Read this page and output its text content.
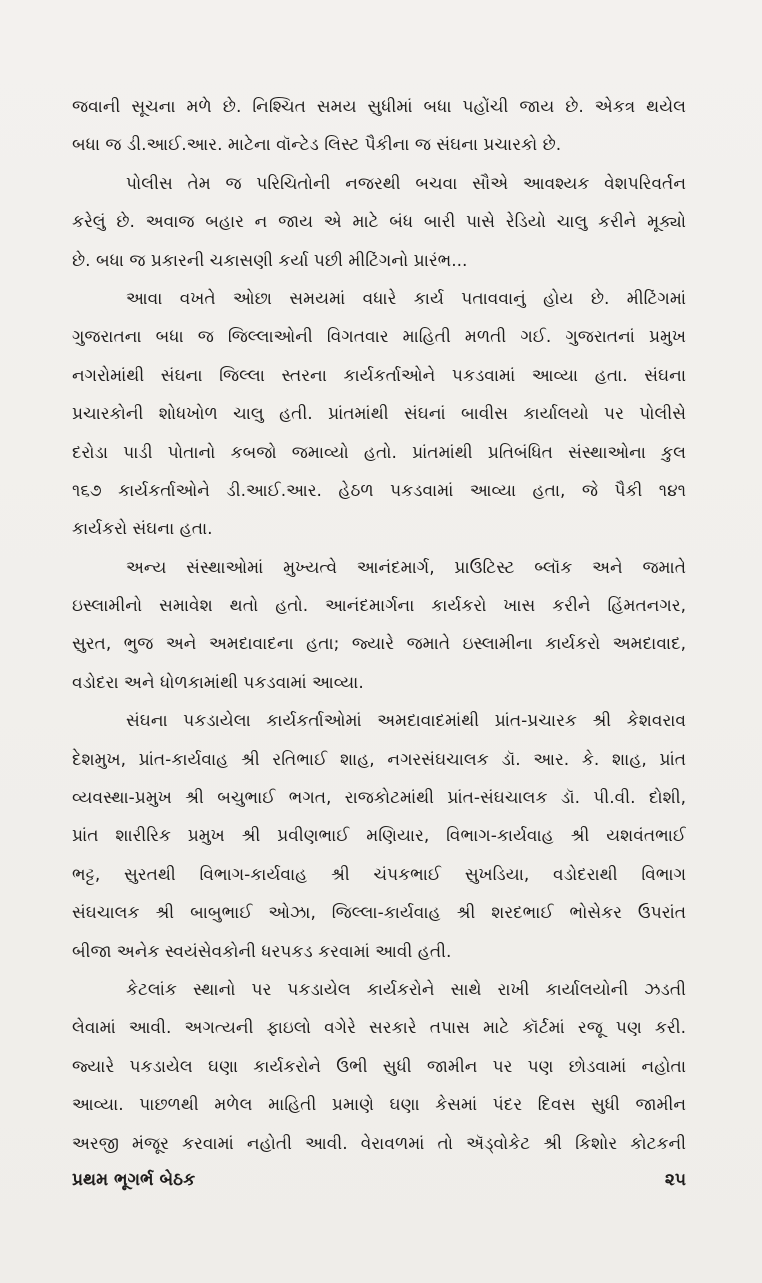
જવાની સૂચના મળે છે. નિશ્ચિત સમય સુધીમાં બધા પહોંચી જાય છે. એકત્ર થયેલ
બધા જ ડી.આઈ.આર. માટેના વૉન્ટેડ લિસ્ટ પૈકીના જ સંઘના પ્રચારકો છે.
પોલીસ તેમ જ પરિચિતોની નજરથી બચવા સૌએ આવશ્યક વેશપરિવર્તન
કરેલું છે. અવાજ બહાર ન જાય એ માટે બંધ બારી પાસે રેડિયો ચાલુ કરીને મૂક્યો
છે. બધા જ પ્રકારની ચકાસણી કર્યા પછી મીટિંગનો પ્રારંભ...
આવા વખતે ઓછા સમયમાં વધારે કાર્ય પતાવવાનું હોય છે. મીટિંગમાં
ગુજરાતના બધા જ જિલ્લાઓની વિગતવાર માહિતી મળતી ગઈ. ગુજરાતનાં પ્રમુખ
નગરોમાંથી સંઘના જિલ્લા સ્તરના કાર્યકર્તાઓને પકડવામાં આવ્યા હતા. સંઘના
પ્રચારકોની શોધખોળ ચાલુ હતી. પ્રાંતમાંથી સંઘનાં બાવીસ કાર્યાલયો પર પોલીસે
દરોડા પાડી પોતાનો કબજો જમાવ્યો હતો. પ્રાંતમાંથી પ્રતિબંધિત સંસ્થાઓના કુલ
૧૬૭ કાર્યકર્તાઓને ડી.આઈ.આર. હેઠળ પકડવામાં આવ્યા હતા, જે પૈકી ૧૪૧
કાર્યકરો સંઘના હતા.
અન્ય સંસ્થાઓમાં મુખ્યત્વે આનંદમાર્ગ, પ્રાઉટિસ્ટ બ્લૉક અને જમાતે
ઇસ્લામીનો સમાવેશ થતો હતો. આનંદમાર્ગના કાર્યકરો ખાસ કરીને હિંમતનગર,
સુરત, ભુજ અને અમદાવાદના હતા; જ્યારે જમાતે ઇસ્લામીના કાર્યકરો અમદાવાદ,
વડોદરા અને ધોળકામાંથી પકડવામાં આવ્યા.
સંઘના પકડાયેલા કાર્યકર્તાઓમાં અમદાવાદમાંથી પ્રાંત-પ્રચારક શ્રી કેશવરાવ
દેશમુખ, પ્રાંત-કાર્યવાહ શ્રી રતિભાઈ શાહ, નગરસંઘચાલક ડૉ. આર. કે. શાહ, પ્રાંત
વ્યવસ્થા-પ્રમુખ શ્રી બચુભાઈ ભગત, રાજકોટમાંથી પ્રાંત-સંઘચાલક ડૉ. પી.વી. દોશી,
પ્રાંત શારીરિક પ્રમુખ શ્રી પ્રવીણભાઈ મણિયાર, વિભાગ-કાર્યવાહ શ્રી યશવંતભાઈ
ભટ્ટ, સુરતથી વિભાગ-કાર્યવાહ શ્રી ચંપકભાઈ સુખડિયા, વડોદરાથી વિભાગ
સંઘચાલક શ્રી બાબુભાઈ ઓઝા, જિલ્લા-કાર્યવાહ શ્રી શરદભાઈ ભોસેકર ઉપરાંત
બીજા અનેક સ્વયંસેવકોની ધરપકડ કરવામાં આવી હતી.
કેટલાંક સ્થાનો પર પકડાયેલ કાર્યકરોને સાથે રાખી કાર્યાલયોની ઝડતી
લેવામાં આવી. અગત્યની ફાઇલો વગેરે સરકારે તપાસ માટે કૉર્ટમાં રજૂ પણ કરી.
જ્યારે પકડાયેલ ઘણા કાર્યકરોને ઉભી સુધી જામીન પર પણ છોડવામાં નહોતા
આવ્યા. પાછળથી મળેલ માહિતી પ્રમાણે ઘણા કેસમાં પંદર દિવસ સુધી જામીન
અરજી મંજૂર કરવામાં નહોતી આવી. વેરાવળમાં તો ઍડ્વોકેટ શ્રી કિશોર કોટકની
પ્રથમ ભૂગર્ભ બેઠક	૨૫
